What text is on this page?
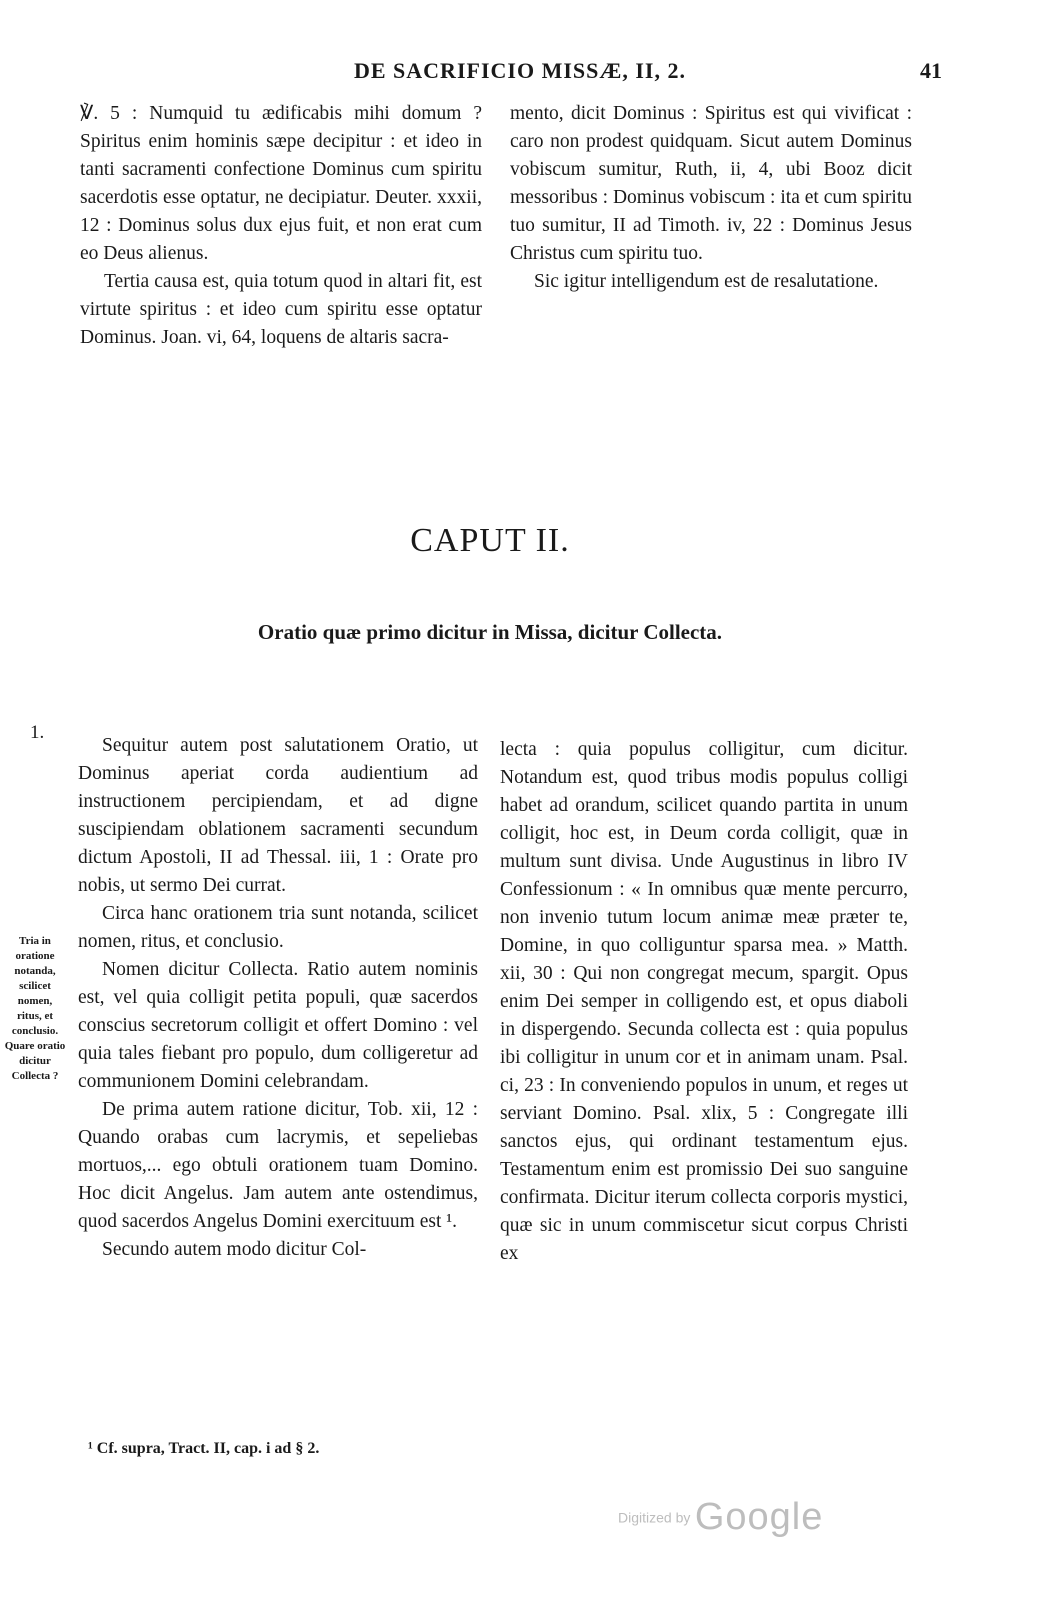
DE SACRIFICIO MISSÆ, II, 2.	41

℣. 5 : Numquid tu ædificabis mihi domum ? Spiritus enim hominis sæpe decipitur : et ideo in tanti sacramenti confectione Dominus cum spiritu sacerdotis esse optatur, ne decipiatur. Deuter. xxxii, 12 : Dominus solus dux ejus fuit, et non erat cum eo Deus alienus.

Tertia causa est, quia totum quod in altari fit, est virtute spiritus : et ideo cum spiritu esse optatur Dominus. Joan. vi, 64, loquens de altaris sacra-

mento, dicit Dominus : Spiritus est qui vivificat : caro non prodest quidquam. Sicut autem Dominus vobiscum sumitur, Ruth, ii, 4, ubi Booz dicit messoribus : Dominus vobiscum : ita et cum spiritu tuo sumitur, II ad Timoth. iv, 22 : Dominus Jesus Christus cum spiritu tuo.

Sic igitur intelligendum est de resalutatione.

CAPUT II.
Oratio quæ primo dicitur in Missa, dicitur Collecta.
1.
Tria in oratione notanda, scilicet nomen, ritus, et conclusio. Quare oratio dicitur Collecta ?

Sequitur autem post salutationem Oratio, ut Dominus aperiat corda audientium ad instructionem percipiendam, et ad digne suscipiendam oblationem sacramenti secundum dictum Apostoli, II ad Thessal. iii, 1 : Orate pro nobis, ut sermo Dei currat.

Circa hanc orationem tria sunt notanda, scilicet nomen, ritus, et conclusio.

Nomen dicitur Collecta. Ratio autem nominis est, vel quia colligit petita populi, quæ sacerdos conscius secretorum colligit et offert Domino : vel quia tales fiebant pro populo, dum colligeretur ad communionem Domini celebrandam.

De prima autem ratione dicitur, Tob. xii, 12 : Quando orabas cum lacrymis, et sepeliebas mortuos,... ego obtuli orationem tuam Domino. Hoc dicit Angelus. Jam autem ante ostendimus, quod sacerdos Angelus Domini exercituum est ¹.

Secundo autem modo dicitur Col-

lecta : quia populus colligitur, cum dicitur. Notandum est, quod tribus modis populus colligi habet ad orandum, scilicet quando partita in unum colligit, hoc est, in Deum corda colligit, quæ in multum sunt divisa. Unde Augustinus in libro IV Confessionum : « In omnibus quæ mente percurro, non invenio tutum locum animæ meæ præter te, Domine, in quo colliguntur sparsa mea. » Matth. xii, 30 : Qui non congregat mecum, spargit. Opus enim Dei semper in colligendo est, et opus diaboli in dispergendo. Secunda collecta est : quia populus ibi colligitur in unum cor et in animam unam. Psal. ci, 23 : In conveniendo populos in unum, et reges ut serviant Domino. Psal. xlix, 5 : Congregate illi sanctos ejus, qui ordinant testamentum ejus. Testamentum enim est promissio Dei suo sanguine confirmata. Dicitur iterum collecta corporis mystici, quæ sic in unum commiscetur sicut corpus Christi ex

¹ Cf. supra, Tract. II, cap. i ad § 2.
Digitized by Google
